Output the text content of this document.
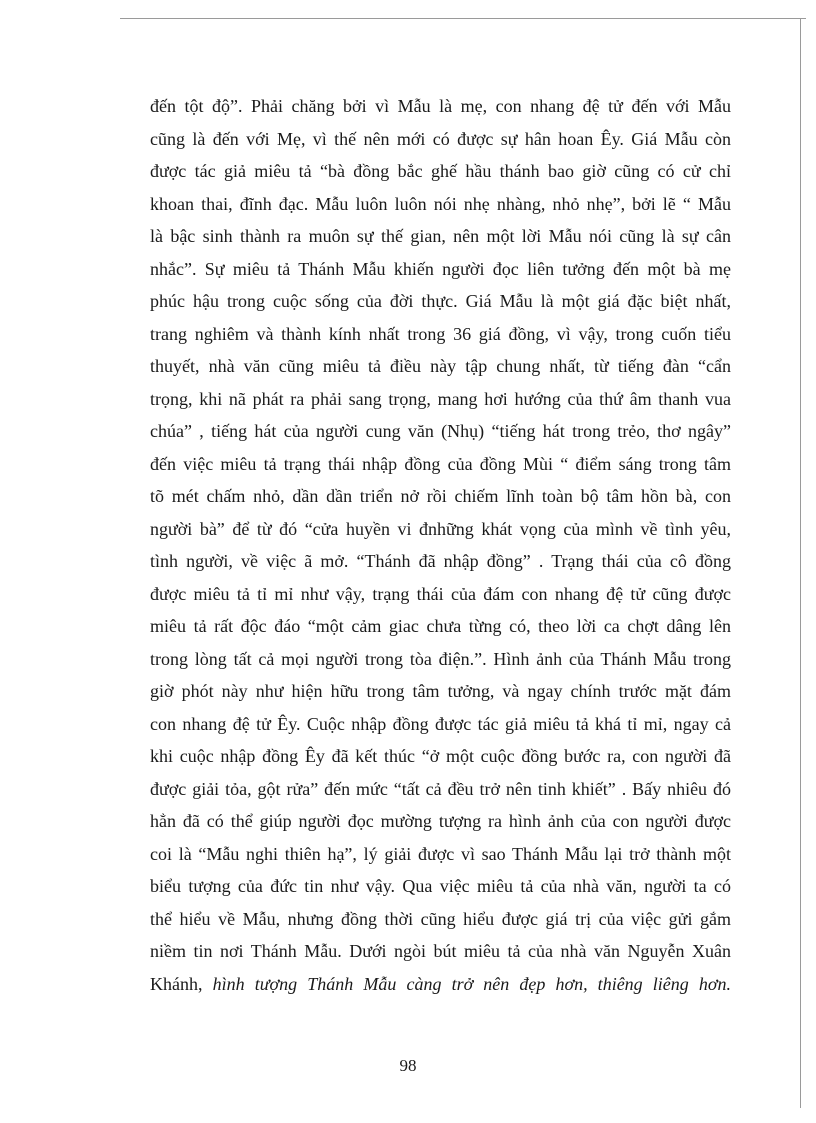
đến tột độ”. Phải chăng bởi vì Mẫu là mẹ, con nhang đệ tử đến với Mẫu
cũng là đến với Mẹ, vì thế nên mới có được sự hân hoan Êy. Giá Mẫu còn
được tác giả miêu tả “bà đồng bắc ghế hầu thánh bao giờ cũng có cử chỉ
khoan thai, đĩnh đạc. Mẫu luôn luôn nói nhẹ nhàng, nhỏ nhẹ”, bởi lẽ “ Mẫu
là bậc sinh thành ra muôn sự thế gian, nên một lời Mẫu nói cũng là sự cân
nhắc”. Sự miêu tả Thánh Mẫu khiến người đọc liên tưởng đến một bà mẹ
phúc hậu trong cuộc sống của đời thực. Giá Mẫu là một giá đặc biệt nhất,
trang nghiêm và thành kính nhất trong 36 giá đồng, vì vậy, trong cuốn tiểu
thuyết, nhà văn cũng miêu tả điều này tập chung nhất, từ tiếng đàn “cẩn
trọng, khi nã phát ra phải sang trọng, mang hơi hướng của thứ âm thanh vua
chúa” , tiếng hát của người cung văn (Nhụ) “tiếng hát trong trẻo, thơ ngây”
đến việc miêu tả trạng thái nhập đồng của đồng Mùi “ điểm sáng trong tâm
tõ mét chấm nhỏ, dần dần triển nở rồi chiếm lĩnh toàn bộ tâm hồn bà, con
người bà” để từ đó “cửa huyền vi đnhững khát vọng của mình về tình yêu,
tình người, về việc ã mở. “Thánh đã nhập đồng” . Trạng thái của cô đồng
được miêu tả tỉ mỉ như vậy, trạng thái của đám con nhang đệ tử cũng được
miêu tả rất độc đáo “một cảm giac chưa từng có, theo lời ca chợt dâng lên
trong lòng tất cả mọi người trong tòa điện.”. Hình ảnh của Thánh Mẫu trong
giờ phót này như hiện hữu trong tâm tưởng, và ngay chính trước mặt đám
con nhang đệ tử Êy. Cuộc nhập đồng được tác giả miêu tả khá tỉ mỉ, ngay cả
khi cuộc nhập đồng Êy đã kết thúc “ở một cuộc đồng bước ra, con người đã
được giải tỏa, gột rửa” đến mức “tất cả đều trở nên tinh khiết” . Bấy nhiêu đó
hẳn đã có thể giúp người đọc mường tượng ra hình ảnh của con người được
coi là “Mẫu nghi thiên hạ”, lý giải được vì sao Thánh Mẫu lại trở thành một
biểu tượng của đức tin như vậy. Qua việc miêu tả của nhà văn, người ta có
thể hiểu về Mẫu, nhưng đồng thời cũng hiểu được giá trị của việc gửi gắm
niềm tin nơi Thánh Mẫu. Dưới ngòi bút miêu tả của nhà văn Nguyễn Xuân
Khánh, hình tượng Thánh Mẫu càng trở nên đẹp hơn, thiêng liêng hơn.
98
